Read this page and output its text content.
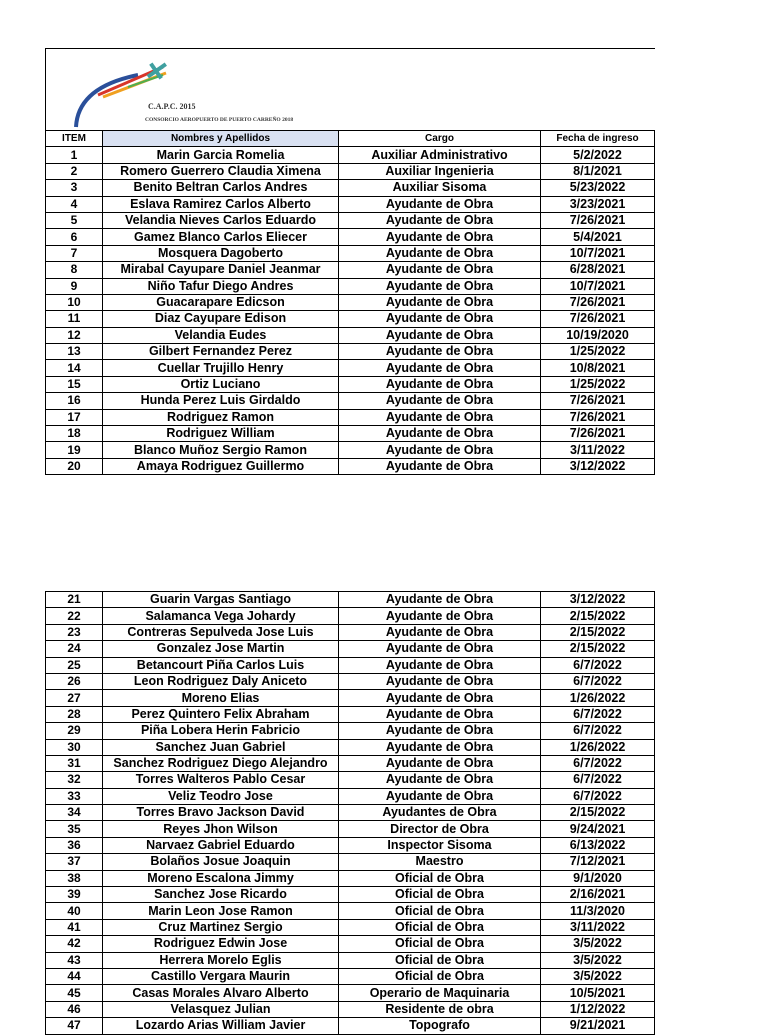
C.A.P.C. 2015
CONSORCIO AEROPUERTO DE PUERTO CARREÑO 2018
ITEM	Nombres y Apellidos	Cargo	Fecha de ingreso
1	Marin Garcia Romelia	Auxiliar Administrativo	5/2/2022
2	Romero Guerrero Claudia Ximena	Auxiliar Ingenieria	8/1/2021
3	Benito Beltran Carlos Andres	Auxiliar Sisoma	5/23/2022
4	Eslava Ramirez Carlos Alberto	Ayudante de Obra	3/23/2021
5	Velandia Nieves Carlos Eduardo	Ayudante de Obra	7/26/2021
6	Gamez Blanco Carlos Eliecer	Ayudante de Obra	5/4/2021
7	Mosquera Dagoberto	Ayudante de Obra	10/7/2021
8	Mirabal Cayupare Daniel Jeanmar	Ayudante de Obra	6/28/2021
9	Niño Tafur Diego Andres	Ayudante de Obra	10/7/2021
10	Guacarapare Edicson	Ayudante de Obra	7/26/2021
11	Diaz Cayupare Edison	Ayudante de Obra	7/26/2021
12	Velandia Eudes	Ayudante de Obra	10/19/2020
13	Gilbert Fernandez Perez	Ayudante de Obra	1/25/2022
14	Cuellar Trujillo Henry	Ayudante de Obra	10/8/2021
15	Ortiz Luciano	Ayudante de Obra	1/25/2022
16	Hunda Perez Luis Girdaldo	Ayudante de Obra	7/26/2021
17	Rodriguez Ramon	Ayudante de Obra	7/26/2021
18	Rodriguez William	Ayudante de Obra	7/26/2021
19	Blanco Muñoz Sergio Ramon	Ayudante de Obra	3/11/2022
20	Amaya Rodriguez Guillermo	Ayudante de Obra	3/12/2022
21	Guarin Vargas Santiago	Ayudante de Obra	3/12/2022
22	Salamanca Vega Johardy	Ayudante de Obra	2/15/2022
23	Contreras Sepulveda Jose Luis	Ayudante de Obra	2/15/2022
24	Gonzalez Jose Martin	Ayudante de Obra	2/15/2022
25	Betancourt Piña Carlos Luis	Ayudante de Obra	6/7/2022
26	Leon Rodriguez Daly Aniceto	Ayudante de Obra	6/7/2022
27	Moreno Elias	Ayudante de Obra	1/26/2022
28	Perez Quintero Felix Abraham	Ayudante de Obra	6/7/2022
29	Piña Lobera Herin Fabricio	Ayudante de Obra	6/7/2022
30	Sanchez Juan Gabriel	Ayudante de Obra	1/26/2022
31	Sanchez Rodriguez Diego Alejandro	Ayudante de Obra	6/7/2022
32	Torres Walteros Pablo Cesar	Ayudante de Obra	6/7/2022
33	Veliz Teodro Jose	Ayudante de Obra	6/7/2022
34	Torres Bravo Jackson David	Ayudantes de Obra	2/15/2022
35	Reyes Jhon Wilson	Director de Obra	9/24/2021
36	Narvaez Gabriel Eduardo	Inspector Sisoma	6/13/2022
37	Bolaños Josue Joaquin	Maestro	7/12/2021
38	Moreno Escalona Jimmy	Oficial de Obra	9/1/2020
39	Sanchez Jose Ricardo	Oficial de Obra	2/16/2021
40	Marin Leon Jose Ramon	Oficial de Obra	11/3/2020
41	Cruz Martinez Sergio	Oficial de Obra	3/11/2022
42	Rodriguez Edwin Jose	Oficial de Obra	3/5/2022
43	Herrera Morelo Eglis	Oficial de Obra	3/5/2022
44	Castillo Vergara Maurin	Oficial de Obra	3/5/2022
45	Casas Morales Alvaro Alberto	Operario de Maquinaria	10/5/2021
46	Velasquez Julian	Residente de obra	1/12/2022
47	Lozardo Arias William Javier	Topografo	9/21/2021
